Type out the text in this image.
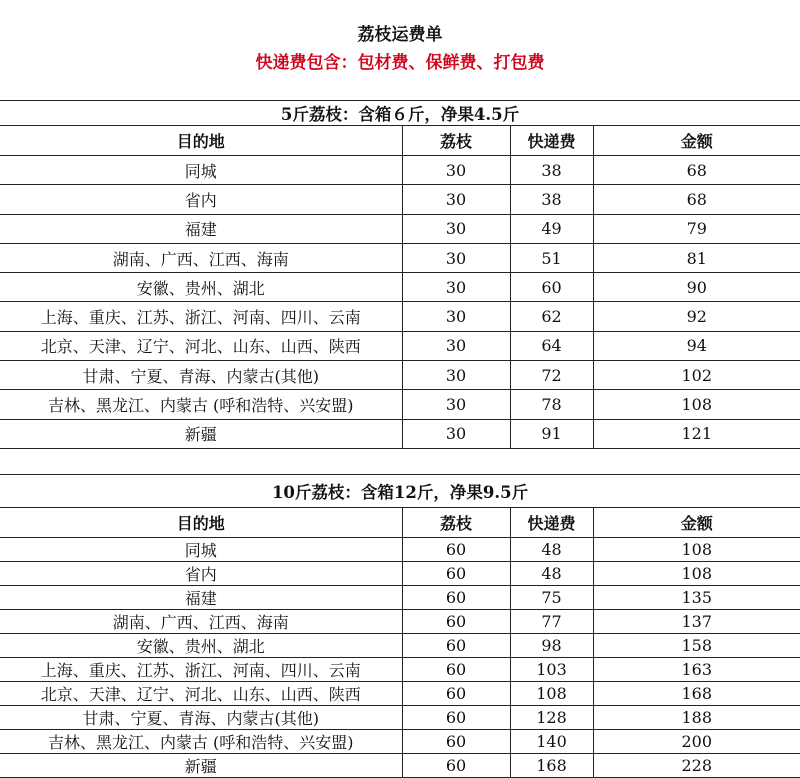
荔枝运费单
快递费包含：包材费、保鲜费、打包费
5斤荔枝：含箱６斤，净果4.5斤			
目的地	荔枝	快递费	金额
同城	30	38	68
省内	30	38	68
福建	30	49	79
湖南、广西、江西、海南	30	51	81
安徽、贵州、湖北	30	60	90
上海、重庆、江苏、浙江、河南、四川、云南	30	62	92
北京、天津、辽宁、河北、山东、山西、陕西	30	64	94
甘肃、宁夏、青海、内蒙古(其他)	30	72	102
吉林、黑龙江、内蒙古 (呼和浩特、兴安盟)	30	78	108
新疆	30	91	121
10斤荔枝：含箱12斤，净果9.5斤			
目的地	荔枝	快递费	金额
同城	60	48	108
省内	60	48	108
福建	60	75	135
湖南、广西、江西、海南	60	77	137
安徽、贵州、湖北	60	98	158
上海、重庆、江苏、浙江、河南、四川、云南	60	103	163
北京、天津、辽宁、河北、山东、山西、陕西	60	108	168
甘肃、宁夏、青海、内蒙古(其他)	60	128	188
吉林、黑龙江、内蒙古 (呼和浩特、兴安盟)	60	140	200
新疆	60	168	228
